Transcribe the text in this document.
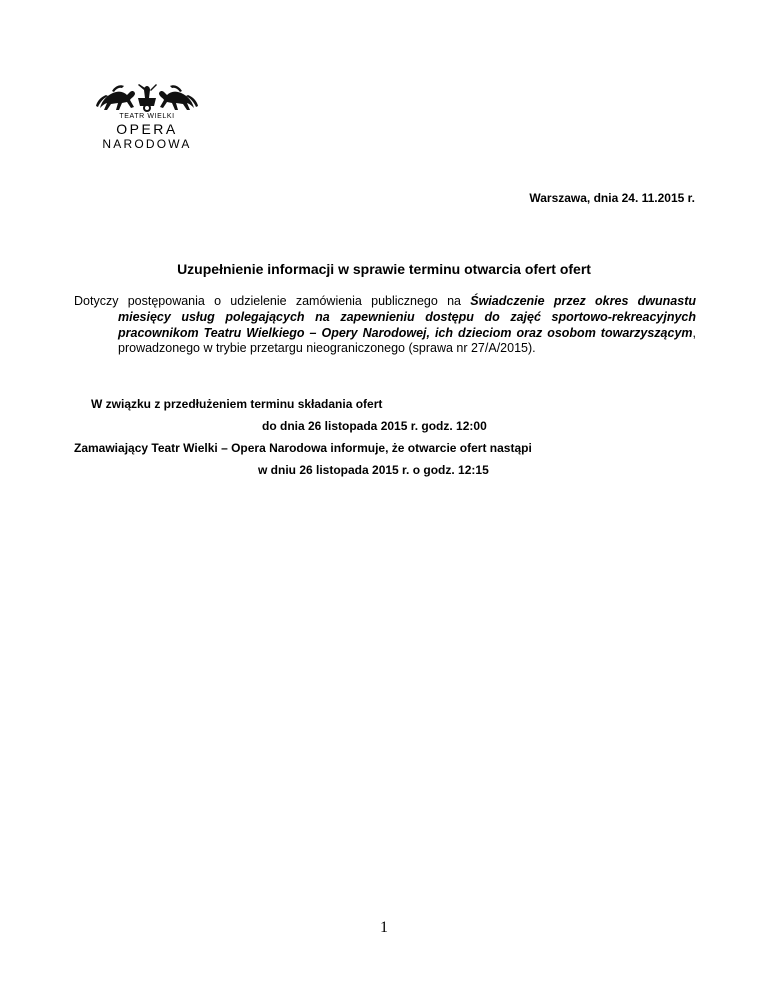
TEATR WIELKI
OPERA
NARODOWA
Warszawa, dnia 24. 11.2015 r.
Uzupełnienie informacji w sprawie terminu otwarcia ofert ofert
Dotyczy postępowania o udzielenie zamówienia publicznego na Świadczenie przez okres dwunastu
miesięcy usług polegających na zapewnieniu dostępu do zajęć sportowo-rekreacyjnych pracownikom Teatru Wielkiego – Opery Narodowej, ich dzieciom oraz osobom towarzyszącym, prowadzonego w trybie przetargu nieograniczonego (sprawa nr 27/A/2015).
W związku z przedłużeniem terminu składania ofert
do dnia 26 listopada 2015 r. godz. 12:00
Zamawiający Teatr Wielki – Opera Narodowa informuje, że otwarcie ofert nastąpi
w dniu 26 listopada 2015 r. o godz. 12:15
1
